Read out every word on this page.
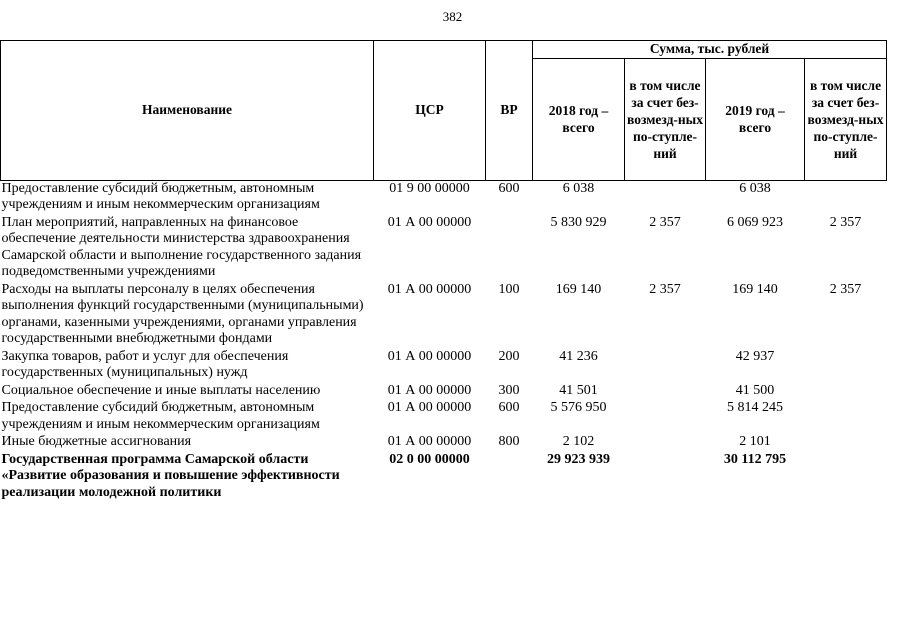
382
Наименование	ЦСР	ВР	Сумма, тыс. рублей			
			2018 год – всего	в том числе за счет без-возмезд-ных по-ступле-ний	2019 год – всего	в том числе за счет без-возмезд-ных по-ступле-ний
Предоставление субсидий бюджетным, автономным учреждениям и иным некоммерческим организациям	01 9 00 00000	600	6 038		6 038	
План мероприятий, направленных на финансовое обеспечение деятельности министерства здравоохранения Самарской области и выполнение государственного задания подведомственными учреждениями	01 А 00 00000		5 830 929	2 357	6 069 923	2 357
Расходы на выплаты персоналу в целях обеспечения выполнения функций государственными (муниципальными) органами, казенными учреждениями, органами управления государственными внебюджетными фондами	01 А 00 00000	100	169 140	2 357	169 140	2 357
Закупка товаров, работ и услуг для обеспечения государственных (муниципальных) нужд	01 А 00 00000	200	41 236		42 937	
Социальное обеспечение и иные выплаты населению	01 А 00 00000	300	41 501		41 500	
Предоставление субсидий бюджетным, автономным учреждениям и иным некоммерческим организациям	01 А 00 00000	600	5 576 950		5 814 245	
Иные бюджетные ассигнования	01 А 00 00000	800	2 102		2 101	
Государственная программа Самарской области «Развитие образования и повышение эффективности реализации молодежной политики	02 0 00 00000		29 923 939		30 112 795	
